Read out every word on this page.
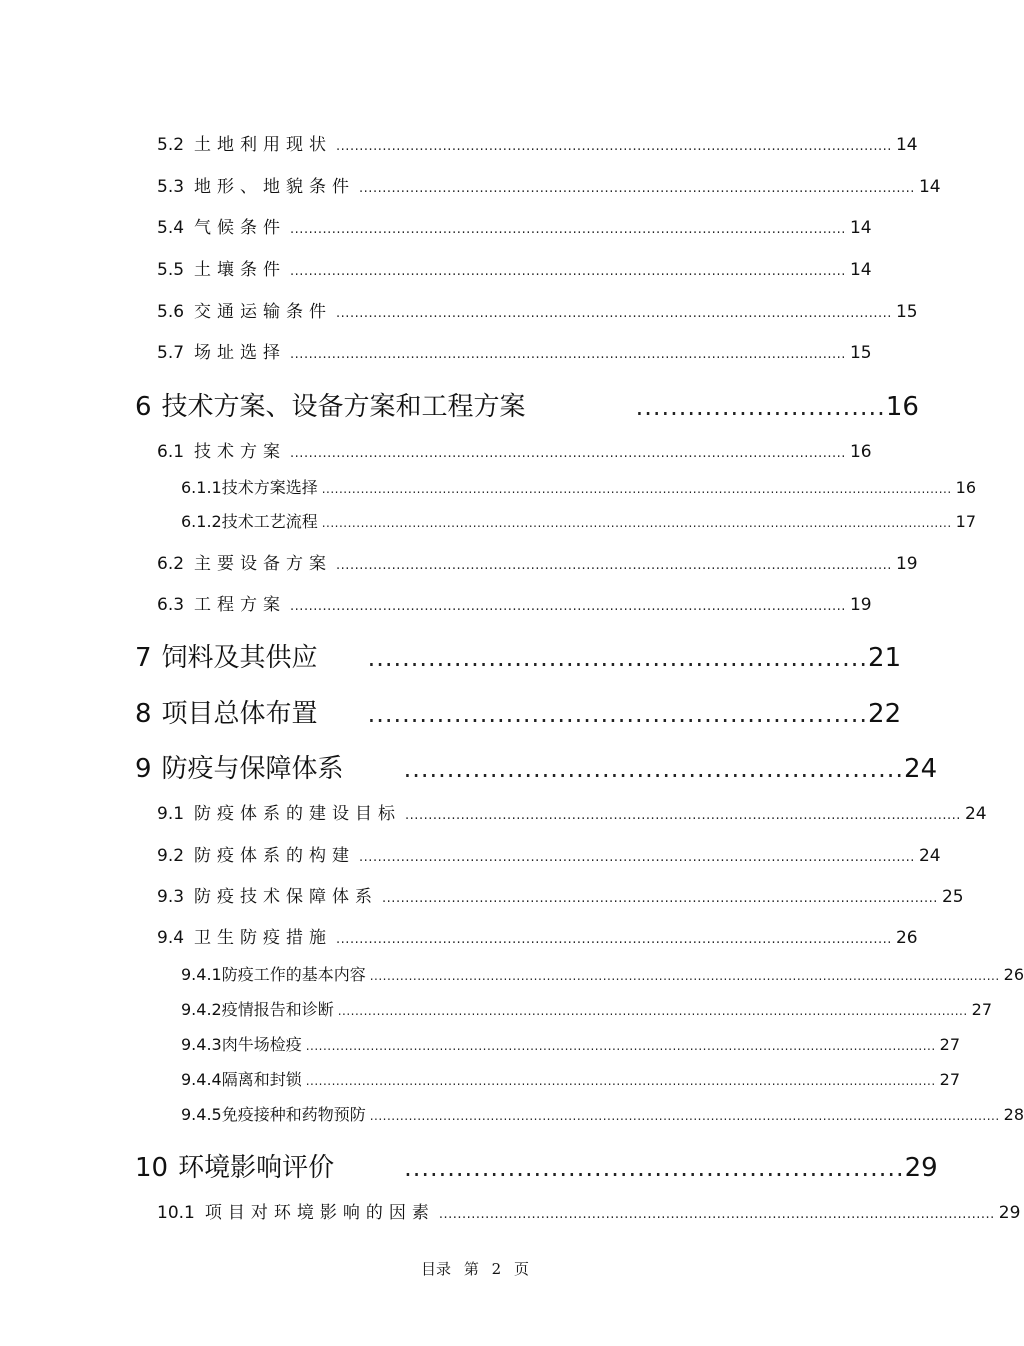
5.2 土地利用现状 ........................................................................................................................ 14
5.3 地形、地貌条件 ........................................................................................................................ 14
5.4 气候条件 ........................................................................................................................ 14
5.5 土壤条件 ........................................................................................................................ 14
5.6 交通运输条件 ........................................................................................................................ 15
5.7 场址选择 ........................................................................................................................ 15
6 技术方案、设备方案和工程方案	............................. 16
6.1 技术方案 ........................................................................................................................ 16
6.1.1 技术方案选择 .................................................................................................................................................. 16
6.1.2 技术工艺流程 .................................................................................................................................................. 17
6.2 主要设备方案 ........................................................................................................................ 19
6.3 工程方案 ........................................................................................................................ 19
7 饲料及其供应 .......................................................... 21
8 项目总体布置 .......................................................... 22
9 防疫与保障体系	.......................................................... 24
9.1 防疫体系的建设目标 ........................................................................................................................ 24
9.2 防疫体系的构建 ........................................................................................................................ 24
9.3 防疫技术保障体系 ........................................................................................................................ 25
9.4 卫生防疫措施 ........................................................................................................................ 26
9.4.1 防疫工作的基本内容 .................................................................................................................................................. 26
9.4.2 疫情报告和诊断 .................................................................................................................................................. 27
9.4.3 肉牛场检疫 .................................................................................................................................................. 27
9.4.4 隔离和封锁 .................................................................................................................................................. 27
9.4.5 免疫接种和药物预防 .................................................................................................................................................. 28
10 环境影响评价	.......................................................... 29
10.1 项目对环境影响的因素 ........................................................................................................................ 29
目录 第 2 页
